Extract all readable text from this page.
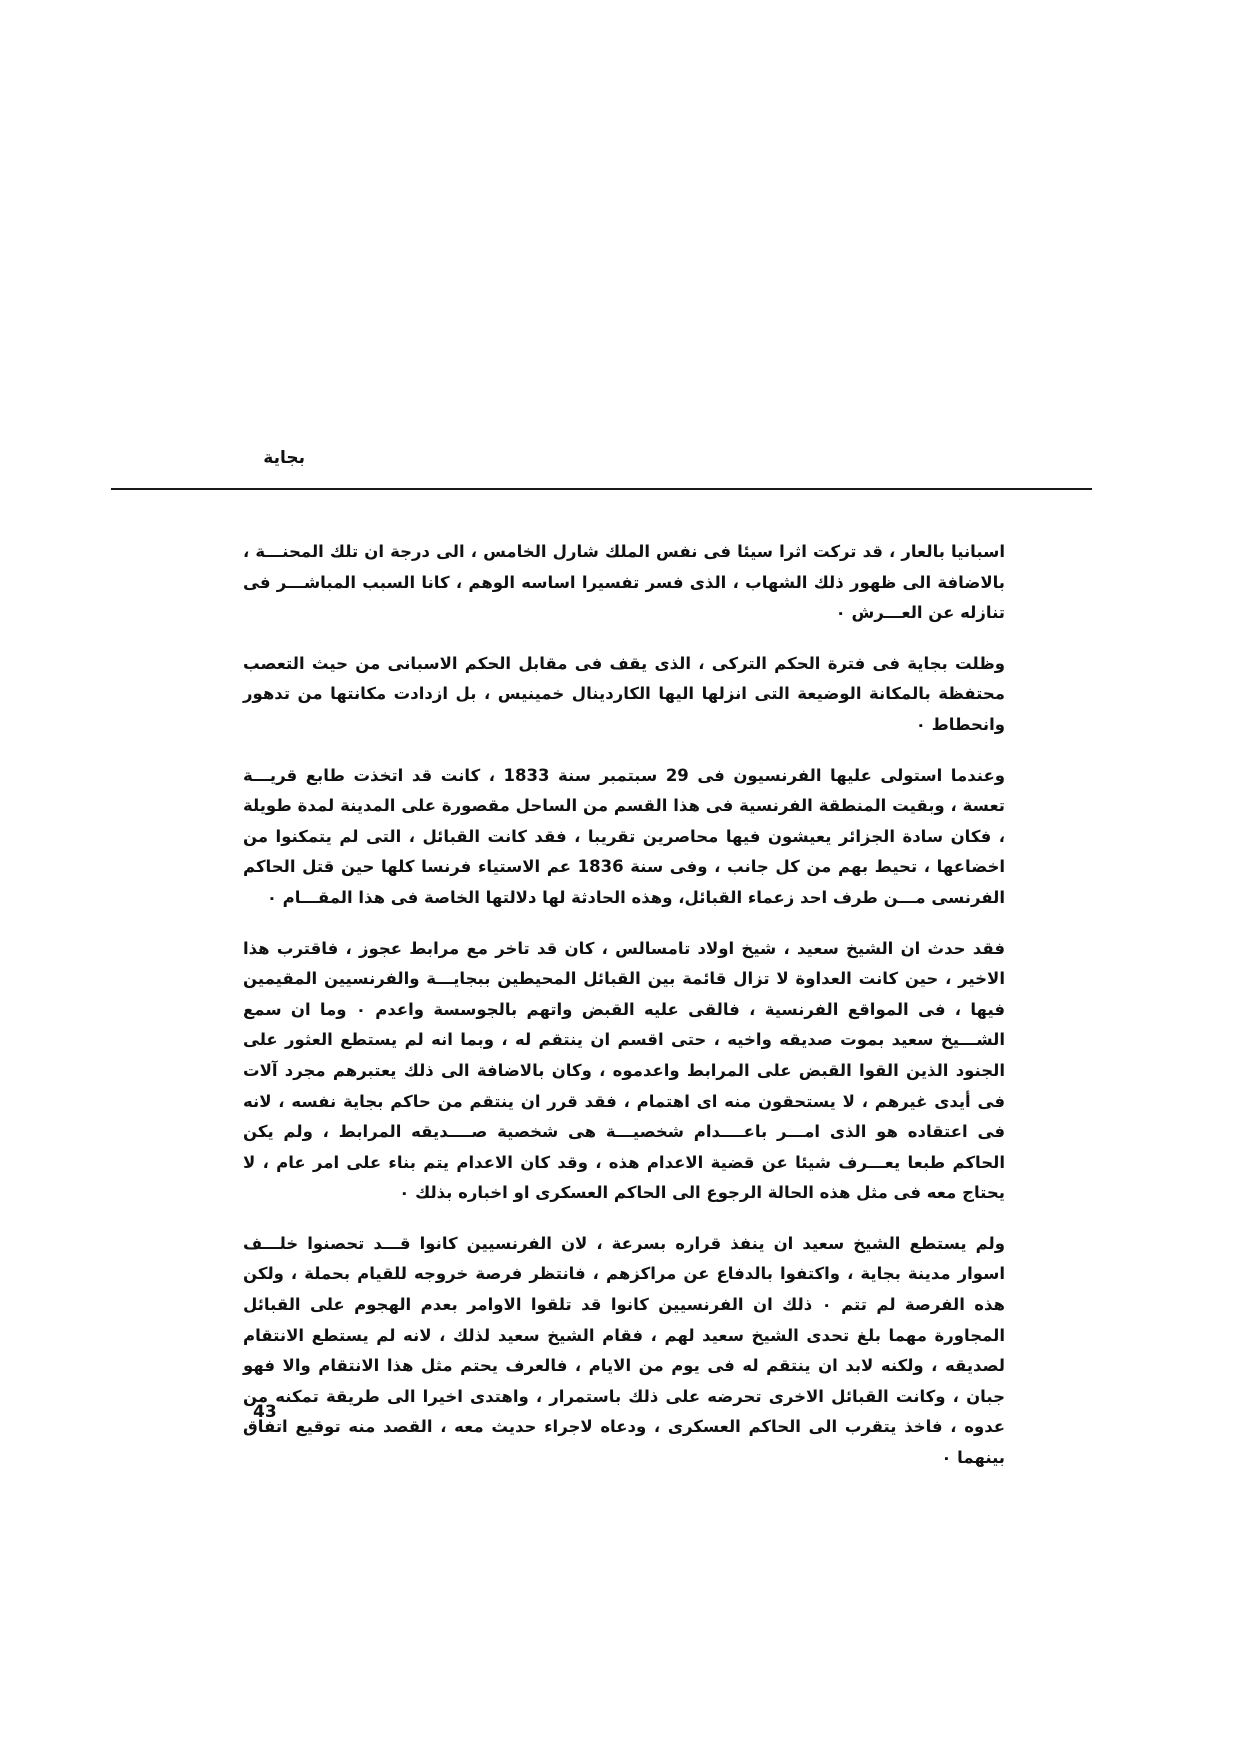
بجاية

اسبانيا بالعار ، قد تركت اثرا سيئا فى نفس الملك شارل الخامس ، الى درجة ان تلك المحنـــة ، بالاضافة الى ظهور ذلك الشهاب ، الذى فسر تفسيرا اساسه الوهم ، كانا السبب المباشـــر فى تنازله عن العـــرش ٠

وظلت بجاية فى فترة الحكم التركى ، الذى يقف فى مقابل الحكم الاسبانى من حيث التعصب محتفظة بالمكانة الوضيعة التى انزلها اليها الكاردينال خمينيس ، بل ازدادت مكانتها من تدهور وانحطاط ٠

وعندما استولى عليها الفرنسيون فى 29 سبتمبر سنة 1833 ، كانت قد اتخذت طابع قريـــة تعسة ، وبقيت المنطقة الفرنسية فى هذا القسم من الساحل مقصورة على المدينة لمدة طويلة ، فكان سادة الجزائر يعيشون فيها محاصرين تقريبا ، فقد كانت القبائل ، التى لم يتمكنوا من اخضاعها ، تحيط بهم من كل جانب ، وفى سنة 1836 عم الاستياء فرنسا كلها حين قتل الحاكم الفرنسى مـــن طرف احد زعماء القبائل، وهذه الحادثة لها دلالتها الخاصة فى هذا المقـــام ٠

فقد حدث ان الشيخ سعيد ، شيخ اولاد تامسالس ، كان قد تاخر مع مرابط عجوز ، فاقترب هذا الاخير ، حين كانت العداوة لا تزال قائمة بين القبائل المحيطين ببجايـــة والفرنسيين المقيمين فيها ، فى المواقع الفرنسية ، فالقى عليه القبض واتهم بالجوسسة واعدم ٠ وما ان سمع الشـــيخ سعيد بموت صديقه واخيه ، حتى اقسم ان ينتقم له ، وبما انه لم يستطع العثور على الجنود الذين القوا القبض على المرابط واعدموه ، وكان بالاضافة الى ذلك يعتبرهم مجرد آلات فى أيدى غيرهم ، لا يستحقون منه اى اهتمام ، فقد قرر ان ينتقم من حاكم بجاية نفسه ، لانه فى اعتقاده هو الذى امـــر باعــــدام شخصيـــة هى شخصية صــــديقه المرابط ، ولم يكن الحاكم طبعا يعـــرف شيئا عن قضية الاعدام هذه ، وقد كان الاعدام يتم بناء على امر عام ، لا يحتاج معه فى مثل هذه الحالة الرجوع الى الحاكم العسكرى او اخباره بذلك ٠

ولم يستطع الشيخ سعيد ان ينفذ قراره بسرعة ، لان الفرنسيين كانوا قـــد تحصنوا خلـــف اسوار مدينة بجاية ، واكتفوا بالدفاع عن مراكزهم ، فانتظر فرصة خروجه للقيام بحملة ، ولكن هذه الفرصة لم تتم ٠ ذلك ان الفرنسيين كانوا قد تلقوا الاوامر بعدم الهجوم على القبائل المجاورة مهما بلغ تحدى الشيخ سعيد لهم ، فقام الشيخ سعيد لذلك ، لانه لم يستطع الانتقام لصديقه ، ولكنه لابد ان ينتقم له فى يوم من الايام ، فالعرف يحتم مثل هذا الانتقام والا فهو جبان ، وكانت القبائل الاخرى تحرضه على ذلك باستمرار ، واهتدى اخيرا الى طريقة تمكنه من عدوه ، فاخذ يتقرب الى الحاكم العسكرى ، ودعاه لاجراء حديث معه ، القصد منه توقيع اتفاق بينهما ٠

43
